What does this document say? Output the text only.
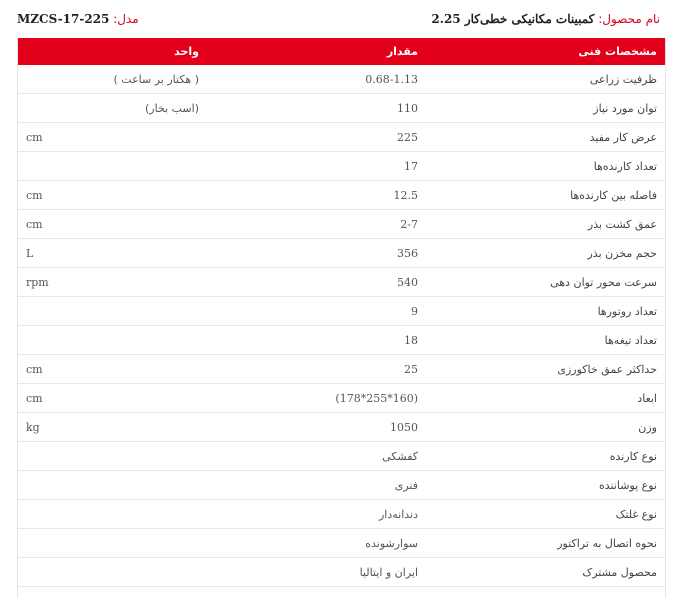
نام محصول: کمبینات مکانیکی خطی‌کار 2.25
مدل: MZCS-17-225
مشخصات فنی	مقدار	واحد
ظرفیت زراعی	0.68-1.13	( هکتار بر ساعت )
توان مورد نیاز	110	(اسب بخار)
عرض کار مفید	225	cm
تعداد کارنده‌ها	17	
فاصله بین کارنده‌ها	12.5	cm
عمق کشت بذر	2-7	cm
حجم مخزن بذر	356	L
سرعت محور توان دهی	540	rpm
تعداد روتورها	9	
تعداد تیغه‌ها	18	
حداکثر عمق خاکورزی	25	cm
ابعاد	(160*255*178)	cm
وزن	1050	kg
نوع کارنده	کفشکی	
نوع پوشاننده	فنری	
نوع غلتک	دندانه‌دار	
نحوه اتصال به تراکتور	سوارشونده	
محصول مشترک	ایران و ایتالیا	
